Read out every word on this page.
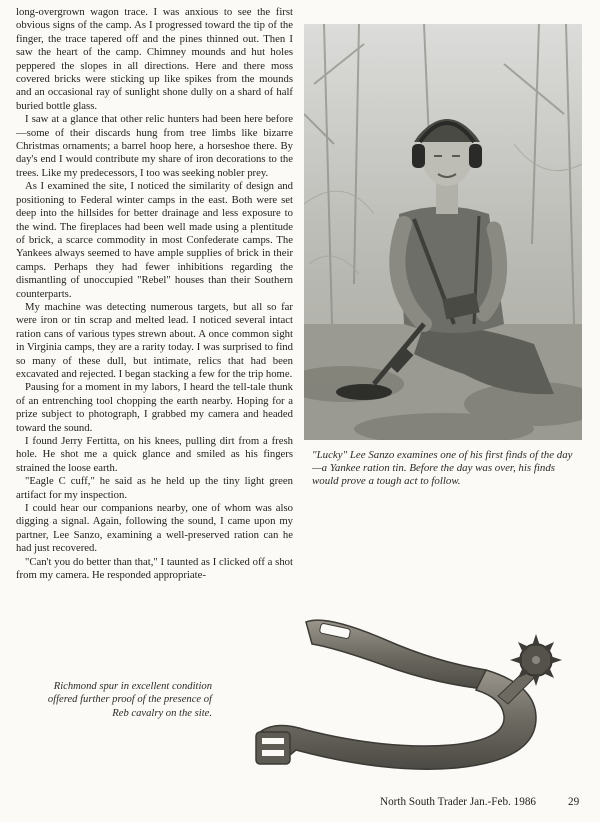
long-overgrown wagon trace. I was anxious to see the first obvious signs of the camp. As I progressed toward the tip of the finger, the trace tapered off and the pines thinned out. Then I saw the heart of the camp. Chimney mounds and hut holes peppered the slopes in all directions. Here and there moss covered bricks were sticking up like spikes from the mounds and an occasional ray of sunlight shone dully on a shard of half buried bottle glass.

I saw at a glance that other relic hunters had been here before—some of their discards hung from tree limbs like bizarre Christmas ornaments; a barrel hoop here, a horseshoe there. By day's end I would contribute my share of iron decorations to the trees. Like my predecessors, I too was seeking nobler prey.

As I examined the site, I noticed the similarity of design and positioning to Federal winter camps in the east. Both were set deep into the hillsides for better drainage and less exposure to the wind. The fireplaces had been well made using a plentitude of brick, a scarce commodity in most Confederate camps. The Yankees always seemed to have ample supplies of brick in their camps. Perhaps they had fewer inhibitions regarding the dismantling of unoccupied "Rebel" houses than their Southern counterparts.

My machine was detecting numerous targets, but all so far were iron or tin scrap and melted lead. I noticed several intact ration cans of various types strewn about. A once common sight in Virginia camps, they are a rarity today. I was surprised to find so many of these dull, but intimate, relics that had been excavated and rejected. I began stacking a few for the trip home.

Pausing for a moment in my labors, I heard the tell-tale thunk of an entrenching tool chopping the earth nearby. Hoping for a prize subject to photograph, I grabbed my camera and headed toward the sound.

I found Jerry Fertitta, on his knees, pulling dirt from a fresh hole. He shot me a quick glance and smiled as his fingers strained the loose earth.

"Eagle C cuff," he said as he held up the tiny light green artifact for my inspection.

I could hear our companions nearby, one of whom was also digging a signal. Again, following the sound, I came upon my partner, Lee Sanzo, examining a well-preserved ration can he had just recovered.

"Can't you do better than that," I taunted as I clicked off a shot from my camera. He responded appropriate-

"Lucky" Lee Sanzo examines one of his first finds of the day—a Yankee ration tin. Before the day was over, his finds would prove a tough act to follow.
Richmond spur in excellent condition offered further proof of the presence of Reb cavalry on the site.
North South Trader Jan.-Feb. 1986	29
